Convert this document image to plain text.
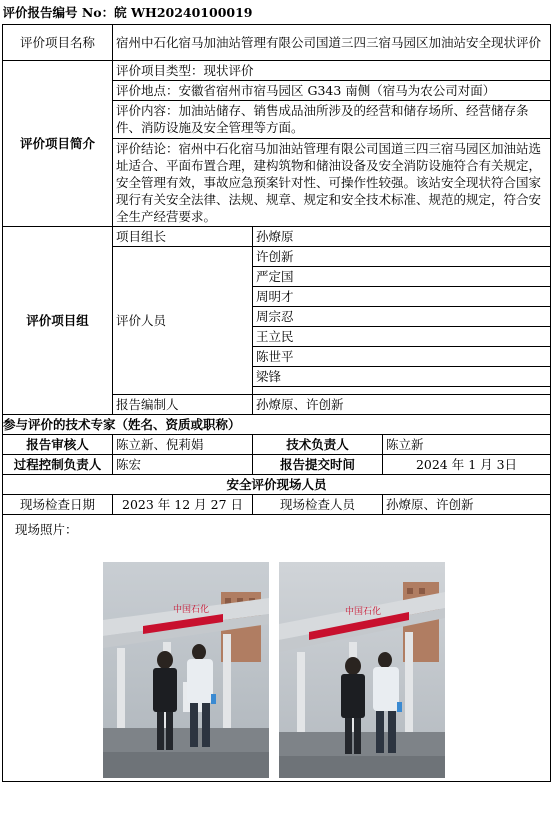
评价报告编号 No：皖 WH20240100019			
评价项目名称	宿州中石化宿马加油站管理有限公司国道三四三宿马园区加油站安全现状评价		
评价项目简介	评价项目类型：现状评价		
	评价地点：安徽省宿州市宿马园区 G343 南侧（宿马为农公司对面）		
	评价内容：加油站储存、销售成品油所涉及的经营和储存场所、经营储存条件、消防设施及安全管理等方面。		
	评价结论：宿州中石化宿马加油站管理有限公司国道三四三宿马园区加油站选址适合、平面布置合理，建构筑物和储油设备及安全消防设施符合有关规定，安全管理有效，事故应急预案针对性、可操作性较强。该站安全现状符合国家现行有关安全法律、法规、规章、规定和安全技术标准、规范的规定，符合安全生产经营要求。		
评价项目组	项目组长	孙燎原	
	评价人员	许创新	
		严定国	
		周明才	
		周宗忍	
		王立民	
		陈世平	
		梁锋	

	报告编制人	孙燎原、许创新	
参与评价的技术专家（姓名、资质或职称）			
报告审核人	陈立新、倪莉娟	技术负责人	陈立新
过程控制负责人	陈宏	报告提交时间	2024 年 1 月 3日
安全评价现场人员			
现场检查日期	2023 年 12 月 27 日	现场检查人员	孙燎原、许创新

现场照片：
中国石化 中国石化			
